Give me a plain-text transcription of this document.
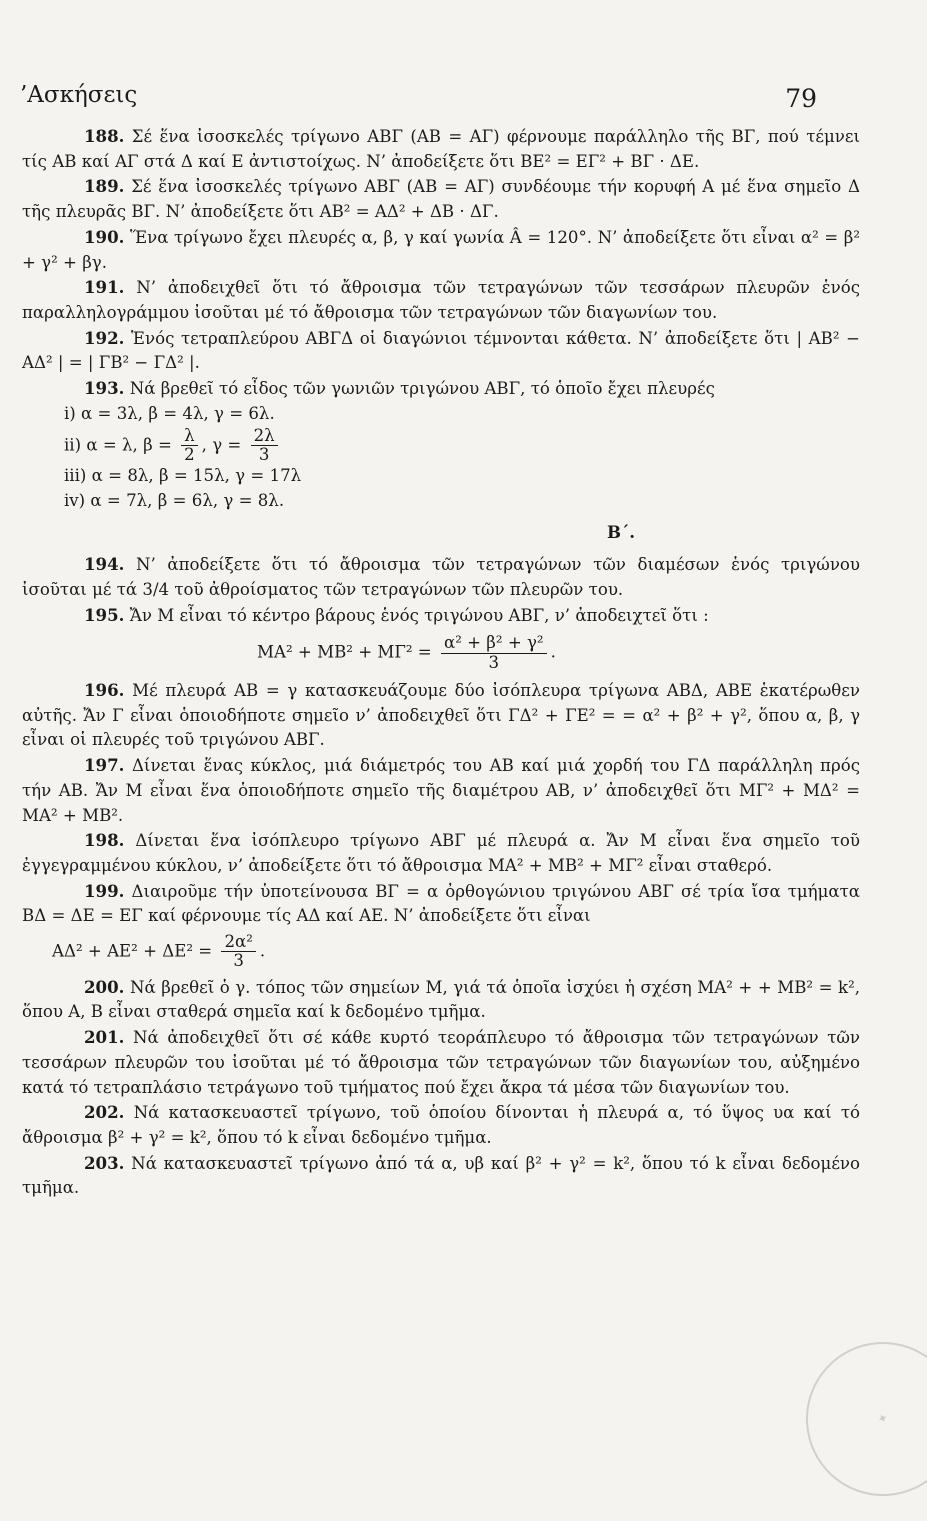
’Ασκήσεις	79

188. Σέ ἕνα ἰσοσκελές τρίγωνο ΑΒΓ (ΑΒ = ΑΓ) φέρνουμε παράλληλο τῆς ΒΓ, πού τέμνει τίς ΑΒ καί ΑΓ στά Δ καί Ε ἀντιστοίχως. Ν’ ἀποδείξετε ὅτι ΒΕ² = ΕΓ² + ΒΓ · ΔΕ.

189. Σέ ἕνα ἰσοσκελές τρίγωνο ΑΒΓ (ΑΒ = ΑΓ) συνδέουμε τήν κορυφή Α μέ ἕνα σημεῖο Δ τῆς πλευρᾶς ΒΓ. Ν’ ἀποδείξετε ὅτι ΑΒ² = ΑΔ² + ΔΒ · ΔΓ.

190. Ἕνα τρίγωνο ἔχει πλευρές α, β, γ καί γωνία Â = 120°. Ν’ ἀποδείξετε ὅτι εἶναι α² = β² + γ² + βγ.

191. Ν’ ἀποδειχθεῖ ὅτι τό ἄθροισμα τῶν τετραγώνων τῶν τεσσάρων πλευρῶν ἑνός παραλληλογράμμου ἰσοῦται μέ τό ἄθροισμα τῶν τετραγώνων τῶν διαγωνίων του.

192. Ἑνός τετραπλεύρου ΑΒΓΔ οἱ διαγώνιοι τέμνονται κάθετα. Ν’ ἀποδείξετε ὅτι | ΑΒ² − ΑΔ² | = | ΓΒ² − ΓΔ² |.

193. Νά βρεθεῖ τό εἶδος τῶν γωνιῶν τριγώνου ΑΒΓ, τό ὁποῖο ἔχει πλευρές

i) α = 3λ, β = 4λ, γ = 6λ.
ii) α = λ, $\beta = \frac{\lambda}{2}$ , $\gamma = \frac{2\lambda}{3}$
iii) α = 8λ, β = 15λ, γ = 17λ
iv) α = 7λ, β = 6λ, γ = 8λ.
Β΄.

194. Ν’ ἀποδείξετε ὅτι τό ἄθροισμα τῶν τετραγώνων τῶν διαμέσων ἑνός τριγώνου ἰσοῦται μέ τά 3/4 τοῦ ἀθροίσματος τῶν τετραγώνων τῶν πλευρῶν του.

195. Ἄν Μ εἶναι τό κέντρο βάρους ἑνός τριγώνου ΑΒΓ, ν’ ἀποδειχτεῖ ὅτι :

$MA^2 + MB^2 + M\Gamma^2 = \frac{\text{α² + β² + γ²}}{3}$ .

196. Μέ πλευρά ΑΒ = γ κατασκευάζουμε δύο ἰσόπλευρα τρίγωνα ΑΒΔ, ΑΒΕ ἑκατέρωθεν αὐτῆς. Ἄν Γ εἶναι ὁποιοδήποτε σημεῖο ν’ ἀποδειχθεῖ ὅτι ΓΔ² + ΓΕ² = = α² + β² + γ², ὅπου α, β, γ εἶναι οἱ πλευρές τοῦ τριγώνου ΑΒΓ.

197. Δίνεται ἕνας κύκλος, μιά διάμετρός του ΑΒ καί μιά χορδή του ΓΔ παράλληλη πρός τήν ΑΒ. Ἄν Μ εἶναι ἕνα ὁποιοδήποτε σημεῖο τῆς διαμέτρου ΑΒ, ν’ ἀποδειχθεῖ ὅτι ΜΓ² + ΜΔ² = ΜΑ² + ΜΒ².

198. Δίνεται ἕνα ἰσόπλευρο τρίγωνο ΑΒΓ μέ πλευρά α. Ἄν Μ εἶναι ἕνα σημεῖο τοῦ ἐγγεγραμμένου κύκλου, ν’ ἀποδείξετε ὅτι τό ἄθροισμα ΜΑ² + ΜΒ² + ΜΓ² εἶναι σταθερό.

199. Διαιροῦμε τήν ὑποτείνουσα ΒΓ = α ὀρθογώνιου τριγώνου ΑΒΓ σέ τρία ἴσα τμήματα ΒΔ = ΔΕ = ΕΓ καί φέρνουμε τίς ΑΔ καί ΑΕ. Ν’ ἀποδείξετε ὅτι εἶναι

$A\Delta^2 + AE^2 + \Delta E^2 = \frac{\text{2α²}}{3}$ .

200. Νά βρεθεῖ ὁ γ. τόπος τῶν σημείων Μ, γιά τά ὁποῖα ἰσχύει ἡ σχέση ΜΑ² + + ΜΒ² = k², ὅπου Α, Β εἶναι σταθερά σημεῖα καί k δεδομένο τμῆμα.

201. Νά ἀποδειχθεῖ ὅτι σέ κάθε κυρτό τεοράπλευρο τό ἄθροισμα τῶν τετραγώνων τῶν τεσσάρων πλευρῶν του ἰσοῦται μέ τό ἄθροισμα τῶν τετραγώνων τῶν διαγωνίων του, αὐξημένο κατά τό τετραπλάσιο τετράγωνο τοῦ τμήματος πού ἔχει ἄκρα τά μέσα τῶν διαγωνίων του.

202. Νά κατασκευαστεῖ τρίγωνο, τοῦ ὁποίου δίνονται ἡ πλευρά α, τό ὕψος υα καί τό ἄθροισμα β² + γ² = k², ὅπου τό k εἶναι δεδομένο τμῆμα.

203. Νά κατασκευαστεῖ τρίγωνο ἀπό τά α, υβ καί β² + γ² = k², ὅπου τό k εἶναι δεδομένο τμῆμα.

✦
